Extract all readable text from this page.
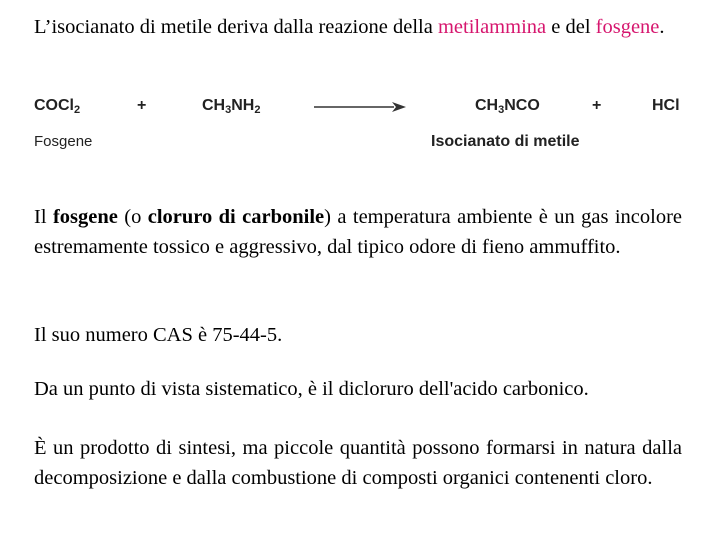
L’isocianato di metile deriva dalla reazione della metilammina e del fosgene.

COCl$_2$	+	$CH_3NH_2$	$CH_3NCO$	+	HCl
Fosgene	Isocianato di metile

Il fosgene (o cloruro di carbonile) a temperatura ambiente è un gas incolore estremamente tossico e aggressivo, dal tipico odore di fieno ammuffito.

Il suo numero CAS è 75-44-5.

Da un punto di vista sistematico, è il dicloruro dell'acido carbonico.

È un prodotto di sintesi, ma piccole quantità possono formarsi in natura dalla decomposizione e dalla combustione di composti organici contenenti cloro.
